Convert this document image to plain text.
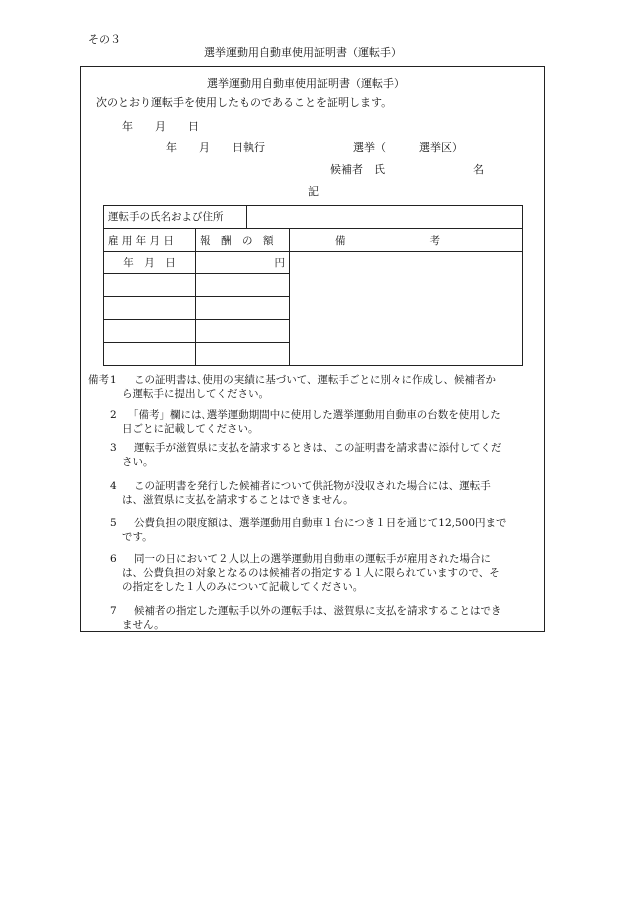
その３
選挙運動用自動車使用証明書（運転手）
選挙運動用自動車使用証明書（運転手）
次のとおり運転手を使用したものであることを証明します。
年　　月　　日
年　　月　　日執行	選挙（　　　選挙区）
候補者　氏　　　　　　　　名
記
運転手の氏名および住所		

雇 用 年 月 日	報　酬　の　額	備　　　　　　　　考
年　月　日	円	

備考 1 この証明書は､使用の実績に基づいて、運転手ごとに別々に作成し、候補者か
ら運転手に提出してください。
2 「備考」欄には､選挙運動期間中に使用した選挙運動用自動車の台数を使用した
日ごとに記載してください。
3 運転手が滋賀県に支払を請求するときは、この証明書を請求書に添付してくだ
さい。
4 この証明書を発行した候補者について供託物が没収された場合には、運転手
は、滋賀県に支払を請求することはできません。
5 公費負担の限度額は、選挙運動用自動車１台につき１日を通じて12,500円まで
です。
6 同一の日において２人以上の選挙運動用自動車の運転手が雇用された場合に
は、公費負担の対象となるのは候補者の指定する１人に限られていますので、そ
の指定をした１人のみについて記載してください。
7 候補者の指定した運転手以外の運転手は、滋賀県に支払を請求することはでき
ません。
